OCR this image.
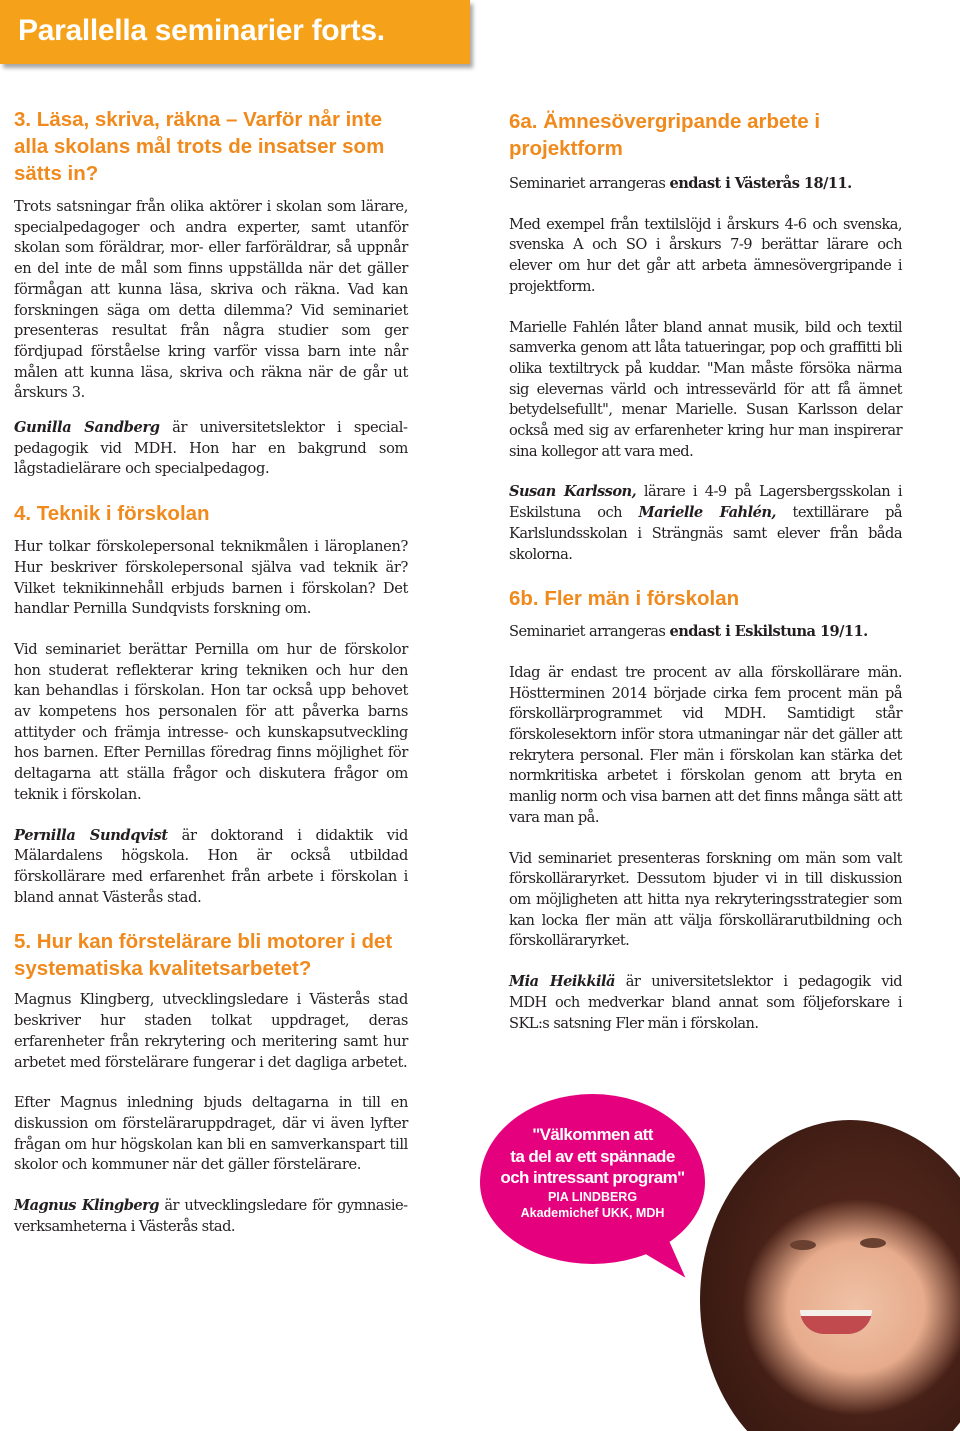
Parallella seminarier forts.
3. Läsa, skriva, räkna – Varför når inte alla skolans mål trots de insatser som sätts in?

Trots satsningar från olika aktörer i skolan som lärare, specialpedagoger och andra experter, samt utanför skolan som föräldrar, mor- eller farföräldrar, så uppnår en del inte de mål som finns uppställda när det gäller förmågan att kunna läsa, skriva och räkna. Vad kan forskningen säga om detta dilemma? Vid seminariet presenteras resultat från några studier som ger fördjupad förståelse kring varför vissa barn inte når målen att kunna läsa, skriva och räkna när de går ut årskurs 3.

Gunilla Sandberg är universitetslektor i specialpedagogik vid MDH. Hon har en bakgrund som lågstadielärare och specialpedagog.

4. Teknik i förskolan

Hur tolkar förskolepersonal teknikmålen i läroplanen? Hur beskriver förskolepersonal själva vad teknik är? Vilket teknikinnehåll erbjuds barnen i förskolan? Det handlar Pernilla Sundqvists forskning om.

Vid seminariet berättar Pernilla om hur de förskolor hon studerat reflekterar kring tekniken och hur den kan behandlas i förskolan. Hon tar också upp behovet av kompetens hos personalen för att påverka barns attityder och främja intresse- och kunskapsutveckling hos barnen. Efter Pernillas föredrag finns möjlighet för deltagarna att ställa frågor och diskutera frågor om teknik i förskolan.

Pernilla Sundqvist är doktorand i didaktik vid Mälardalens högskola. Hon är också utbildad förskollärare med erfarenhet från arbete i förskolan i bland annat Västerås stad.

5. Hur kan förstelärare bli motorer i det systematiska kvalitetsarbetet?

Magnus Klingberg, utvecklingsledare i Västerås stad beskriver hur staden tolkat uppdraget, deras erfarenheter från rekrytering och meritering samt hur arbetet med förstelärare fungerar i det dagliga arbetet.

Efter Magnus inledning bjuds deltagarna in till en diskussion om försteläraruppdraget, där vi även lyfter frågan om hur högskolan kan bli en samverkanspart till skolor och kommuner när det gäller förstelärare.

Magnus Klingberg är utvecklingsledare för gymnasieverksamheterna i Västerås stad.

6a. Ämnesövergripande arbete i projektform

Seminariet arrangeras endast i Västerås 18/11.

Med exempel från textilslöjd i årskurs 4-6 och svenska, svenska A och SO i årskurs 7-9 berättar lärare och elever om hur det går att arbeta ämnesövergripande i projektform.

Marielle Fahlén låter bland annat musik, bild och textil samverka genom att låta tatueringar, pop och graffitti bli olika textiltryck på kuddar. "Man måste försöka närma sig elevernas värld och intressevärld för att få ämnet betydelsefullt", menar Marielle. Susan Karlsson delar också med sig av erfarenheter kring hur man inspirerar sina kollegor att vara med.

Susan Karlsson, lärare i 4-9 på Lagersbergsskolan i Eskilstuna och Marielle Fahlén, textillärare på Karlslundsskolan i Strängnäs samt elever från båda skolorna.

6b. Fler män i förskolan

Seminariet arrangeras endast i Eskilstuna 19/11.

Idag är endast tre procent av alla förskollärare män. Höstterminen 2014 började cirka fem procent män på förskollärprogrammet vid MDH. Samtidigt står förskolesektorn inför stora utmaningar när det gäller att rekrytera personal. Fler män i förskolan kan stärka det normkritiska arbetet i förskolan genom att bryta en manlig norm och visa barnen att det finns många sätt att vara man på.

Vid seminariet presenteras forskning om män som valt förskolläraryrket. Dessutom bjuder vi in till diskussion om möjligheten att hitta nya rekryteringsstrategier som kan locka fler män att välja förskollärarutbildning och förskolläraryrket.

Mia Heikkilä är universitetslektor i pedagogik vid MDH och medverkar bland annat som följeforskare i SKL:s satsning Fler män i förskolan.

"Välkommen att
ta del av ett spännade
och intressant program"
PIA LINDBERG
Akademichef UKK, MDH
